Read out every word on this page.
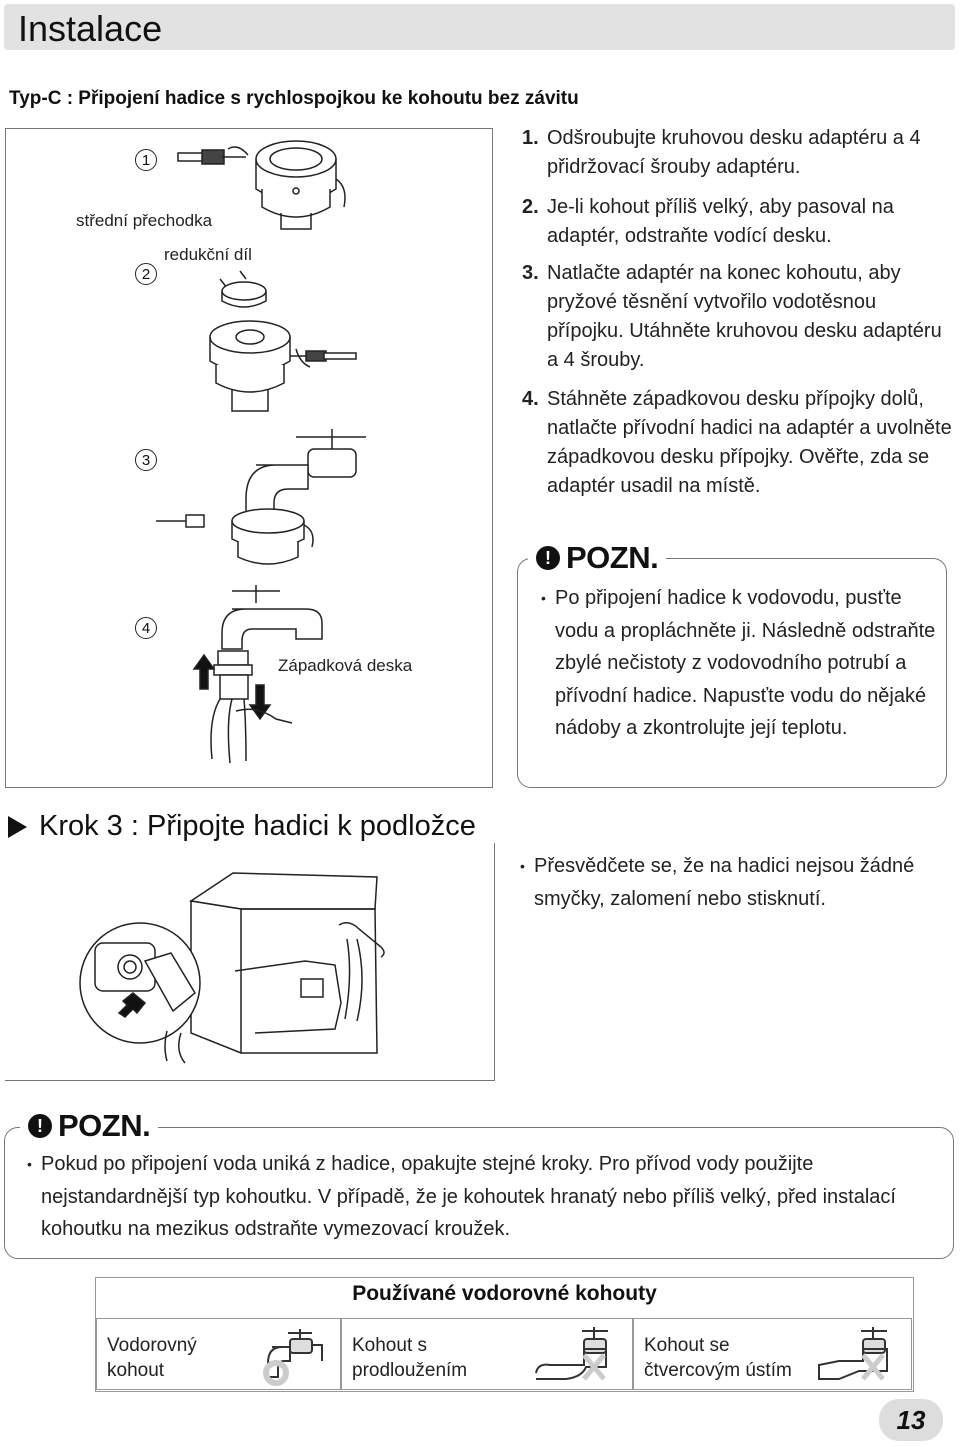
Instalace
Typ-C : Připojení hadice s rychlospojkou ke kohoutu bez závitu
1
2
3
4
střední přechodka
redukční díl
Západková deska
1. Odšroubujte kruhovou desku adaptéru a 4 přidržovací šrouby adaptéru.
2. Je-li kohout příliš velký, aby pasoval na adaptér, odstraňte vodící desku.
3. Natlačte adaptér na konec kohoutu, aby pryžové těsnění vytvořilo vodotěsnou přípojku. Utáhněte kruhovou desku adaptéru a 4 šrouby.
4. Stáhněte západkovou desku přípojky dolů, natlačte přívodní hadici na adaptér a uvolněte západkovou desku přípojky. Ověřte, zda se adaptér usadil na místě.
! POZN.
• Po připojení hadice k vodovodu, pusťte vodu a propláchněte ji. Následně odstraňte zbylé nečistoty z vodovodního potrubí a přívodní hadice. Napusťte vodu do nějaké nádoby a zkontrolujte její teplotu.
Krok 3 : Připojte hadici k podložce
• Přesvědčete se, že na hadici nejsou žádné smyčky, zalomení nebo stisknutí.
! POZN.
• Pokud po připojení voda uniká z hadice, opakujte stejné kroky. Pro přívod vody použijte nejstandardnější typ kohoutku. V případě, že je kohoutek hranatý nebo příliš velký, před instalací kohoutku na mezikus odstraňte vymezovací kroužek.
Používané vodorovné kohouty
Vodorovný
kohout
Kohout s
prodloužením
Kohout se
čtvercovým ústím
13
